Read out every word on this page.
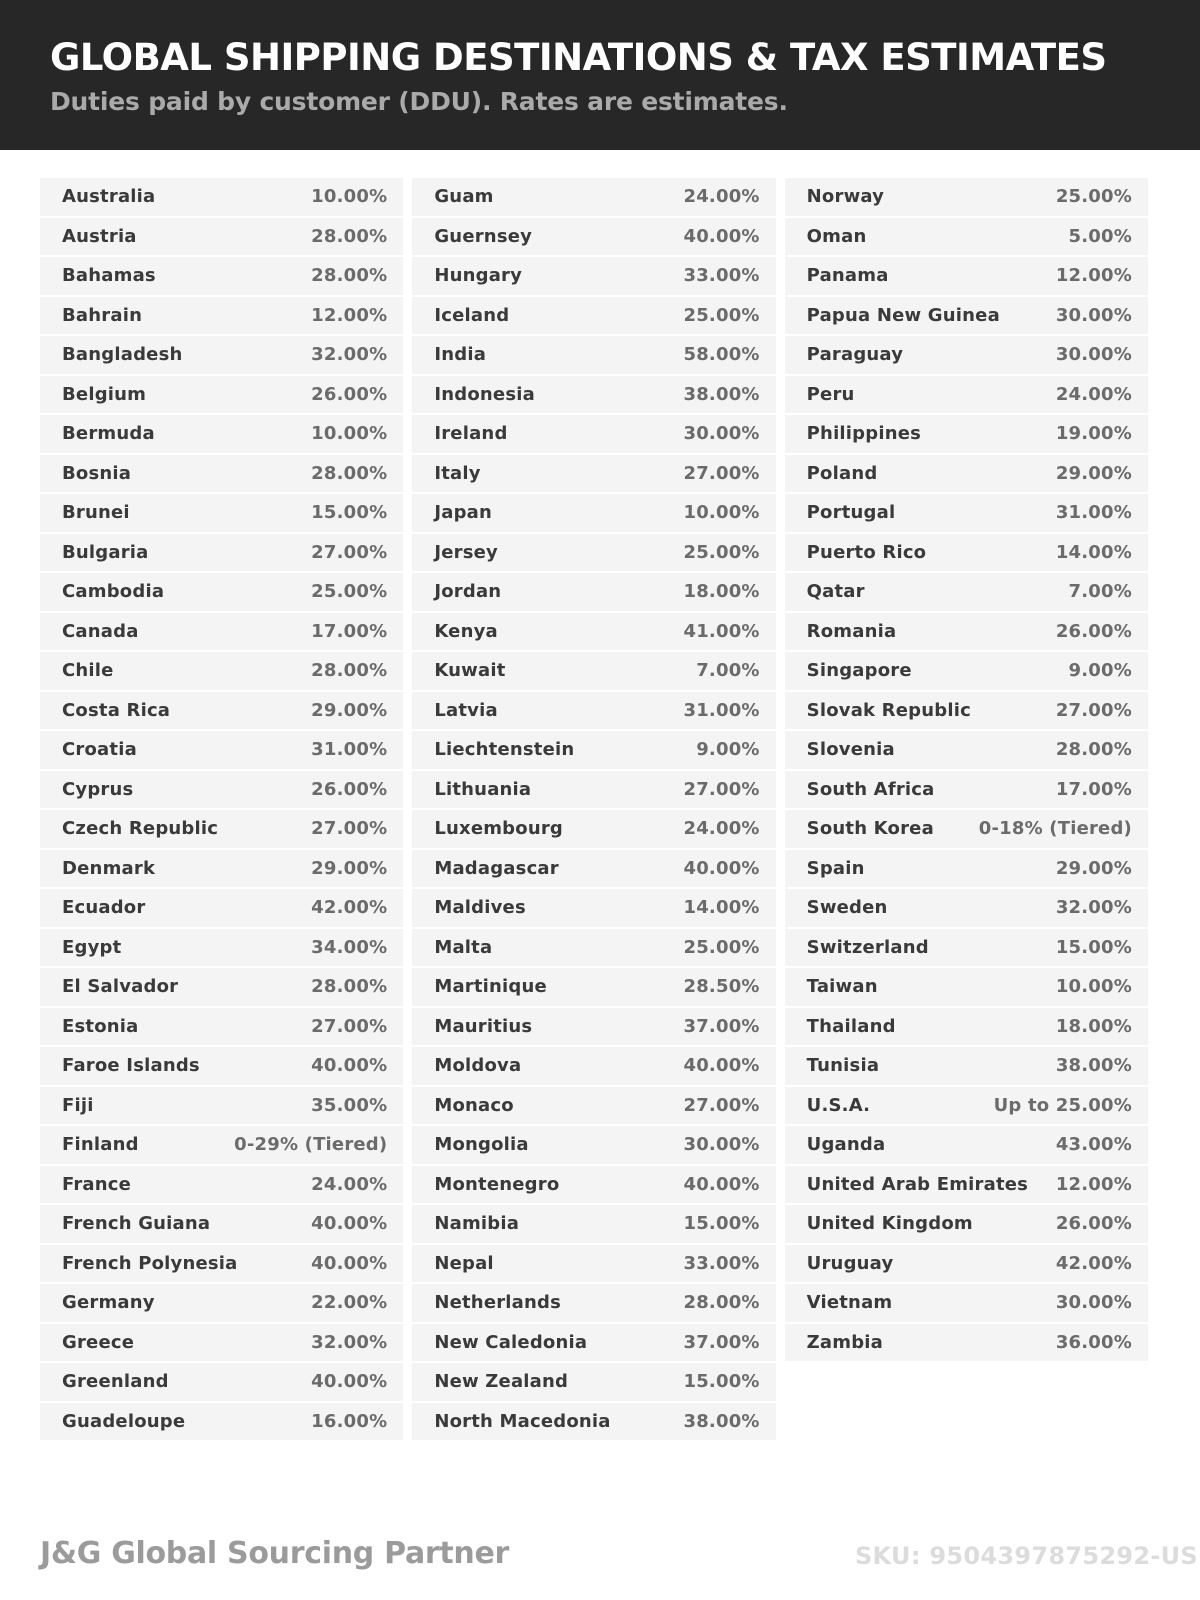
GLOBAL SHIPPING DESTINATIONS & TAX ESTIMATES
Duties paid by customer (DDU). Rates are estimates.
Australia	10.00%
Austria	28.00%
Bahamas	28.00%
Bahrain	12.00%
Bangladesh	32.00%
Belgium	26.00%
Bermuda	10.00%
Bosnia	28.00%
Brunei	15.00%
Bulgaria	27.00%
Cambodia	25.00%
Canada	17.00%
Chile	28.00%
Costa Rica	29.00%
Croatia	31.00%
Cyprus	26.00%
Czech Republic	27.00%
Denmark	29.00%
Ecuador	42.00%
Egypt	34.00%
El Salvador	28.00%
Estonia	27.00%
Faroe Islands	40.00%
Fiji	35.00%
Finland	0-29% (Tiered)
France	24.00%
French Guiana	40.00%
French Polynesia	40.00%
Germany	22.00%
Greece	32.00%
Greenland	40.00%
Guadeloupe	16.00%
Guam	24.00%
Guernsey	40.00%
Hungary	33.00%
Iceland	25.00%
India	58.00%
Indonesia	38.00%
Ireland	30.00%
Italy	27.00%
Japan	10.00%
Jersey	25.00%
Jordan	18.00%
Kenya	41.00%
Kuwait	7.00%
Latvia	31.00%
Liechtenstein	9.00%
Lithuania	27.00%
Luxembourg	24.00%
Madagascar	40.00%
Maldives	14.00%
Malta	25.00%
Martinique	28.50%
Mauritius	37.00%
Moldova	40.00%
Monaco	27.00%
Mongolia	30.00%
Montenegro	40.00%
Namibia	15.00%
Nepal	33.00%
Netherlands	28.00%
New Caledonia	37.00%
New Zealand	15.00%
North Macedonia	38.00%
Norway	25.00%
Oman	5.00%
Panama	12.00%
Papua New Guinea	30.00%
Paraguay	30.00%
Peru	24.00%
Philippines	19.00%
Poland	29.00%
Portugal	31.00%
Puerto Rico	14.00%
Qatar	7.00%
Romania	26.00%
Singapore	9.00%
Slovak Republic	27.00%
Slovenia	28.00%
South Africa	17.00%
South Korea 0-18% (Tiered)
Spain	29.00%
Sweden	32.00%
Switzerland	15.00%
Taiwan	10.00%
Thailand	18.00%
Tunisia	38.00%
U.S.A.	Up to 25.00%
Uganda	43.00%
United Arab Emirates 12.00%
United Kingdom	26.00%
Uruguay	42.00%
Vietnam	30.00%
Zambia	36.00%
J&G Global Sourcing Partner	SKU: 9504397875292-US
